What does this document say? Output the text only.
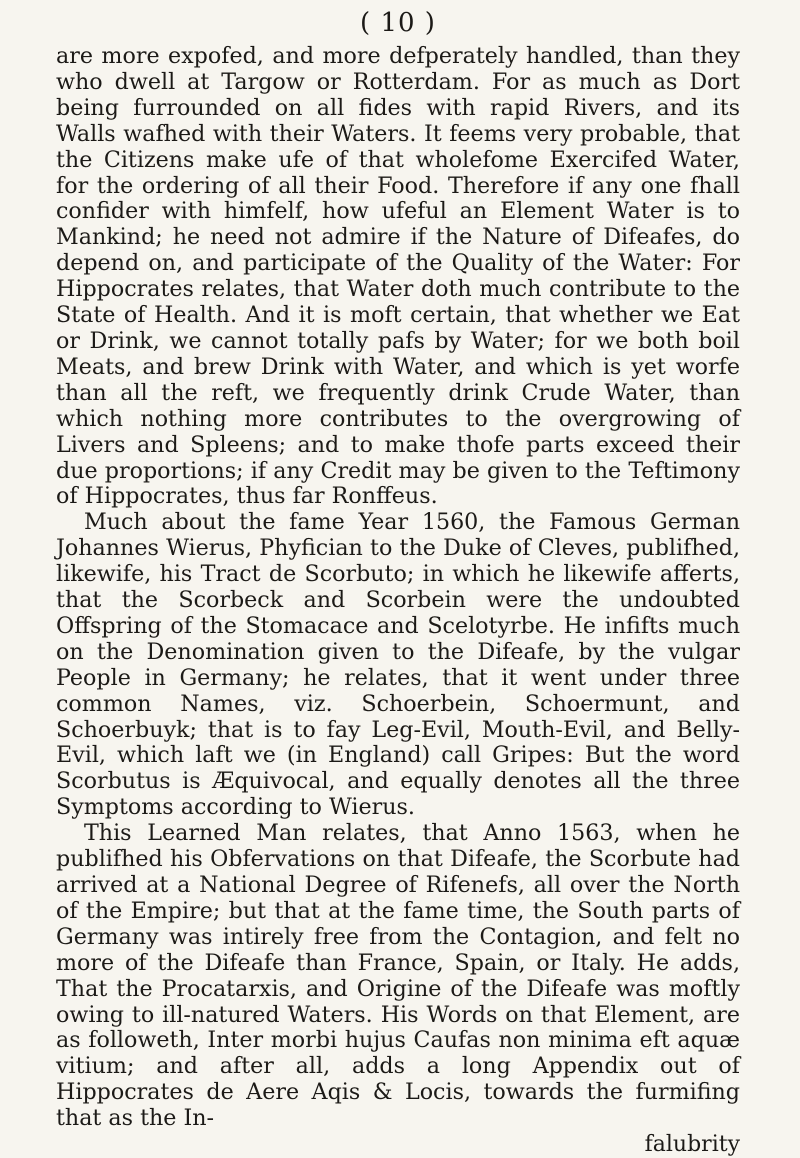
( 10 )

are more expofed, and more defperately handled, than they who dwell at Targow or Rotterdam. For as much as Dort being furrounded on all fides with rapid Rivers, and its Walls wafhed with their Waters. It feems very probable, that the Citizens make ufe of that wholefome Exercifed Water, for the ordering of all their Food. Therefore if any one fhall confider with himfelf, how ufeful an Element Water is to Mankind; he need not admire if the Nature of Difeafes, do depend on, and participate of the Quality of the Water: For Hippocrates relates, that Water doth much contribute to the State of Health. And it is moft certain, that whether we Eat or Drink, we cannot totally pafs by Water; for we both boil Meats, and brew Drink with Water, and which is yet worfe than all the reft, we frequently drink Crude Water, than which nothing more contributes to the overgrowing of Livers and Spleens; and to make thofe parts exceed their due proportions; if any Credit may be given to the Teftimony of Hippocrates, thus far Ronffeus.

Much about the fame Year 1560, the Famous German Johannes Wierus, Phyfician to the Duke of Cleves, publifhed, likewife, his Tract de Scorbuto; in which he likewife afferts, that the Scorbeck and Scorbein were the undoubted Offspring of the Stomacace and Scelotyrbe. He infifts much on the Denomination given to the Difeafe, by the vulgar People in Germany; he relates, that it went under three common Names, viz. Schoerbein, Schoermunt, and Schoerbuyk; that is to fay Leg-Evil, Mouth-Evil, and Belly-Evil, which laft we (in England) call Gripes: But the word Scorbutus is Æquivocal, and equally denotes all the three Symptoms according to Wierus.

This Learned Man relates, that Anno 1563, when he publifhed his Obfervations on that Difeafe, the Scorbute had arrived at a National Degree of Rifenefs, all over the North of the Empire; but that at the fame time, the South parts of Germany was intirely free from the Contagion, and felt no more of the Difeafe than France, Spain, or Italy. He adds, That the Procatarxis, and Origine of the Difeafe was moftly owing to ill-natured Waters. His Words on that Element, are as followeth, Inter morbi hujus Caufas non minima eft aquæ vitium; and after all, adds a long Appendix out of Hippocrates de Aere Aqis & Locis, towards the furmifing that as the In-

falubrity
